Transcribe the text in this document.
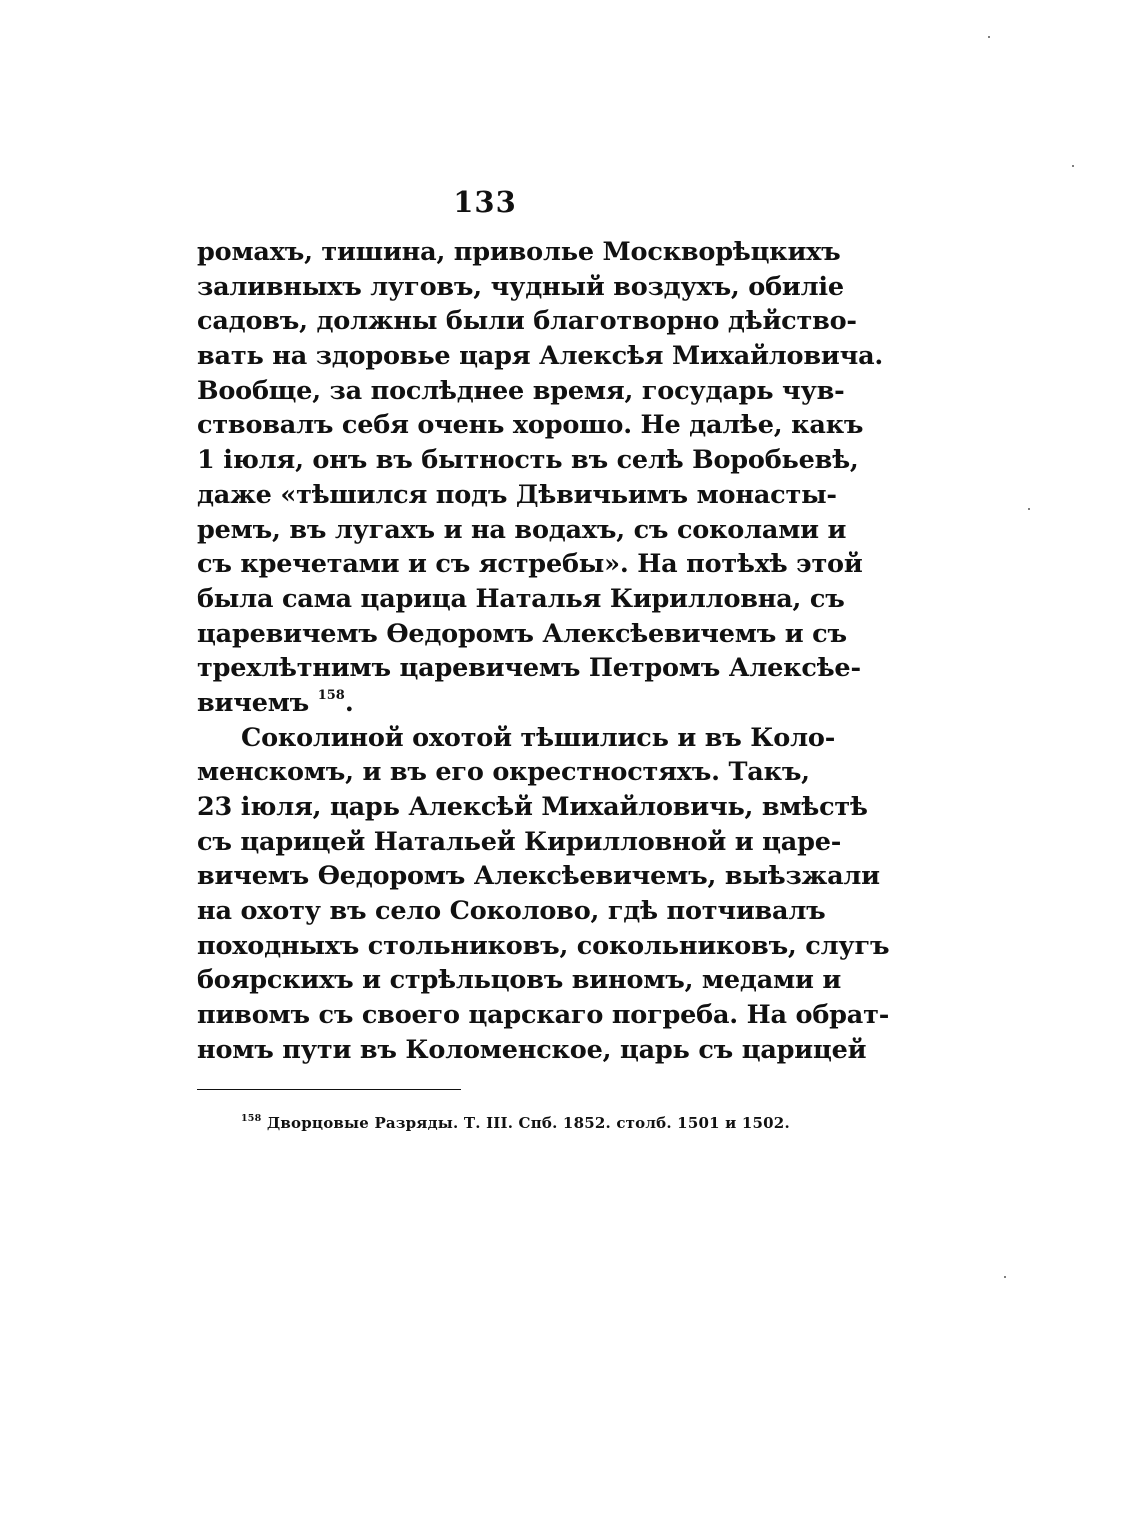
133
ромахъ, тишина, приволье Москворѣцкихъ
заливныхъ луговъ, чудный воздухъ, обиліе
садовъ, должны были благотворно дѣйство-
вать на здоровье царя Алексѣя Михайловича.
Вообще, за послѣднее время, государь чув-
ствовалъ себя очень хорошо. Не далѣе, какъ
1 іюля, онъ въ бытность въ селѣ Воробьевѣ,
даже «тѣшился подъ Дѣвичьимъ монасты-
ремъ, въ лугахъ и на водахъ, съ соколами и
съ кречетами и съ ястребы». На потѣхѣ этой
была сама царица Наталья Кирилловна, съ
царевичемъ Ѳедоромъ Алексѣевичемъ и съ
трехлѣтнимъ царевичемъ Петромъ Алексѣе-
вичемъ $^{158}$.
Соколиной охотой тѣшились и въ Коло-
менскомъ, и въ его окрестностяхъ. Такъ,
23 іюля, царь Алексѣй Михайловичь, вмѣстѣ
съ царицей Натальей Кирилловной и царе-
вичемъ Ѳедоромъ Алексѣевичемъ, выѣзжали
на охоту въ село Соколово, гдѣ потчивалъ
походныхъ стольниковъ, сокольниковъ, слугъ
боярскихъ и стрѣльцовъ виномъ, медами и
пивомъ съ своего царскаго погреба. На обрат-
номъ пути въ Коломенское, царь съ царицей
$^{158}$ Дворцовые Разряды. Т. III. Спб. 1852. столб. 1501 и 1502.
